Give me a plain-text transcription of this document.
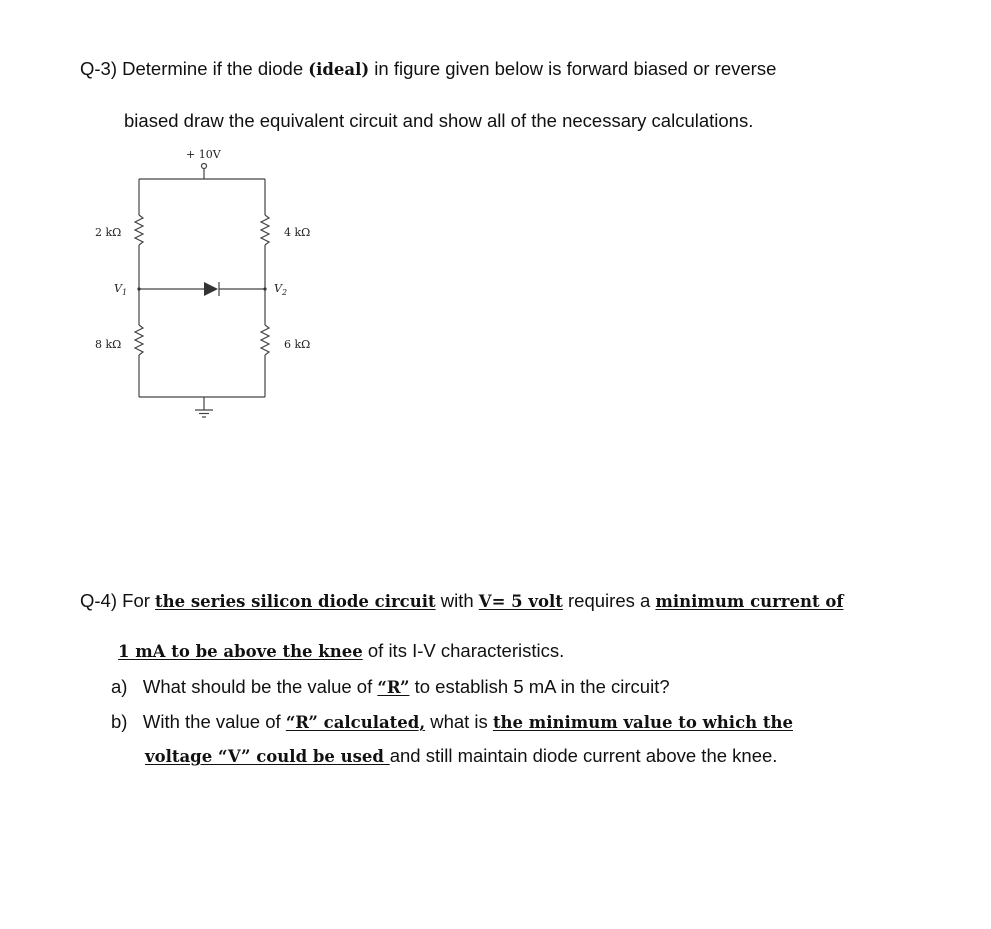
Q-3) Determine if the diode (ideal) in figure given below is forward biased or reverse
biased draw the equivalent circuit and show all of the necessary calculations.
+ 10V
2 kΩ	4 kΩ
8 kΩ	6 kΩ
$V_1$	$V_2$
Q-4) For the series silicon diode circuit with V= 5 volt requires a minimum current of
1 mA to be above the knee of its I-V characteristics.
a) What should be the value of “R” to establish 5 mA in the circuit?
b) With the value of “R” calculated, what is the minimum value to which the
voltage “V” could be used and still maintain diode current above the knee.
